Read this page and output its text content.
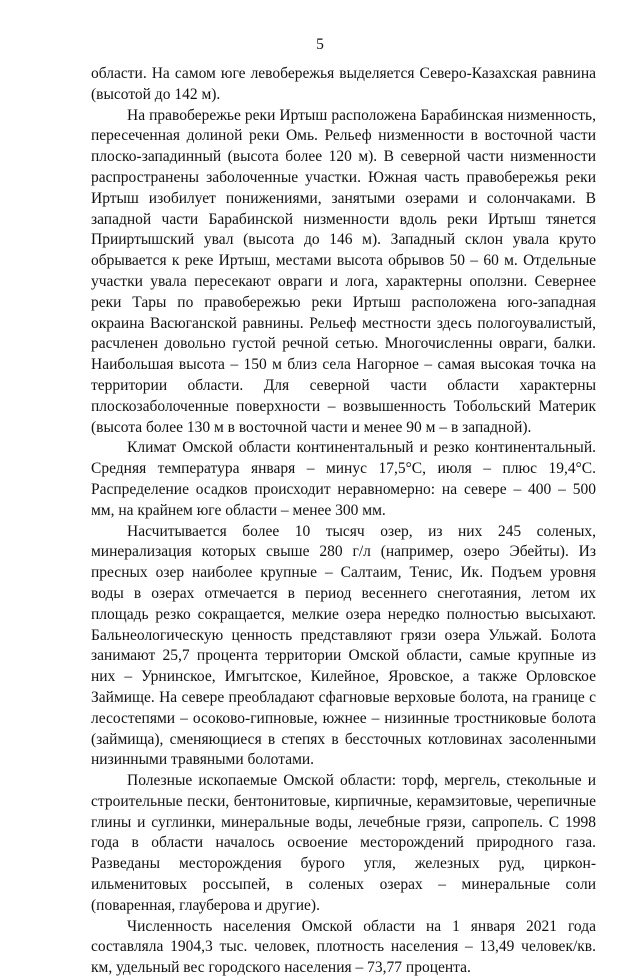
5

области. На самом юге левобережья выделяется Северо-Казахская равнина (высотой до 142 м).

На правобережье реки Иртыш расположена Барабинская низменность, пересеченная долиной реки Омь. Рельеф низменности в восточной части плоско-западинный (высота более 120 м). В северной части низменности распространены заболоченные участки. Южная часть правобережья реки Иртыш изобилует понижениями, занятыми озерами и солончаками. В западной части Барабинской низменности вдоль реки Иртыш тянется Прииртышский увал (высота до 146 м). Западный склон увала круто обрывается к реке Иртыш, местами высота обрывов 50 – 60 м. Отдельные участки увала пересекают овраги и лога, характерны оползни. Севернее реки Тары по правобережью реки Иртыш расположена юго-западная окраина Васюганской равнины. Рельеф местности здесь пологоувалистый, расчленен довольно густой речной сетью. Многочисленны овраги, балки. Наибольшая высота – 150 м близ села Нагорное – самая высокая точка на территории области. Для северной части области характерны плоскозаболоченные поверхности – возвышенность Тобольский Материк (высота более 130 м в восточной части и менее 90 м – в западной).

Климат Омской области континентальный и резко континентальный. Средняя температура января – минус 17,5°С, июля – плюс 19,4°С. Распределение осадков происходит неравномерно: на севере – 400 – 500 мм, на крайнем юге области – менее 300 мм.

Насчитывается более 10 тысяч озер, из них 245 соленых, минерализация которых свыше 280 г/л (например, озеро Эбейты). Из пресных озер наиболее крупные – Салтаим, Тенис, Ик. Подъем уровня воды в озерах отмечается в период весеннего снеготаяния, летом их площадь резко сокращается, мелкие озера нередко полностью высыхают. Бальнеологическую ценность представляют грязи озера Ульжай. Болота занимают 25,7 процента территории Омской области, самые крупные из них – Урнинское, Имгытское, Килейное, Яровское, а также Орловское Займище. На севере преобладают сфагновые верховые болота, на границе с лесостепями – осоково-гипновые, южнее – низинные тростниковые болота (займища), сменяющиеся в степях в бессточных котловинах засоленными низинными травяными болотами.

Полезные ископаемые Омской области: торф, мергель, стекольные и строительные пески, бентонитовые, кирпичные, керамзитовые, черепичные глины и суглинки, минеральные воды, лечебные грязи, сапропель. С 1998 года в области началось освоение месторождений природного газа. Разведаны месторождения бурого угля, железных руд, циркон-ильменитовых россыпей, в соленых озерах – минеральные соли (поваренная, глауберова и другие).

Численность населения Омской области на 1 января 2021 года составляла 1904,3 тыс. человек, плотность населения – 13,49 человек/кв. км, удельный вес городского населения – 73,77 процента.
